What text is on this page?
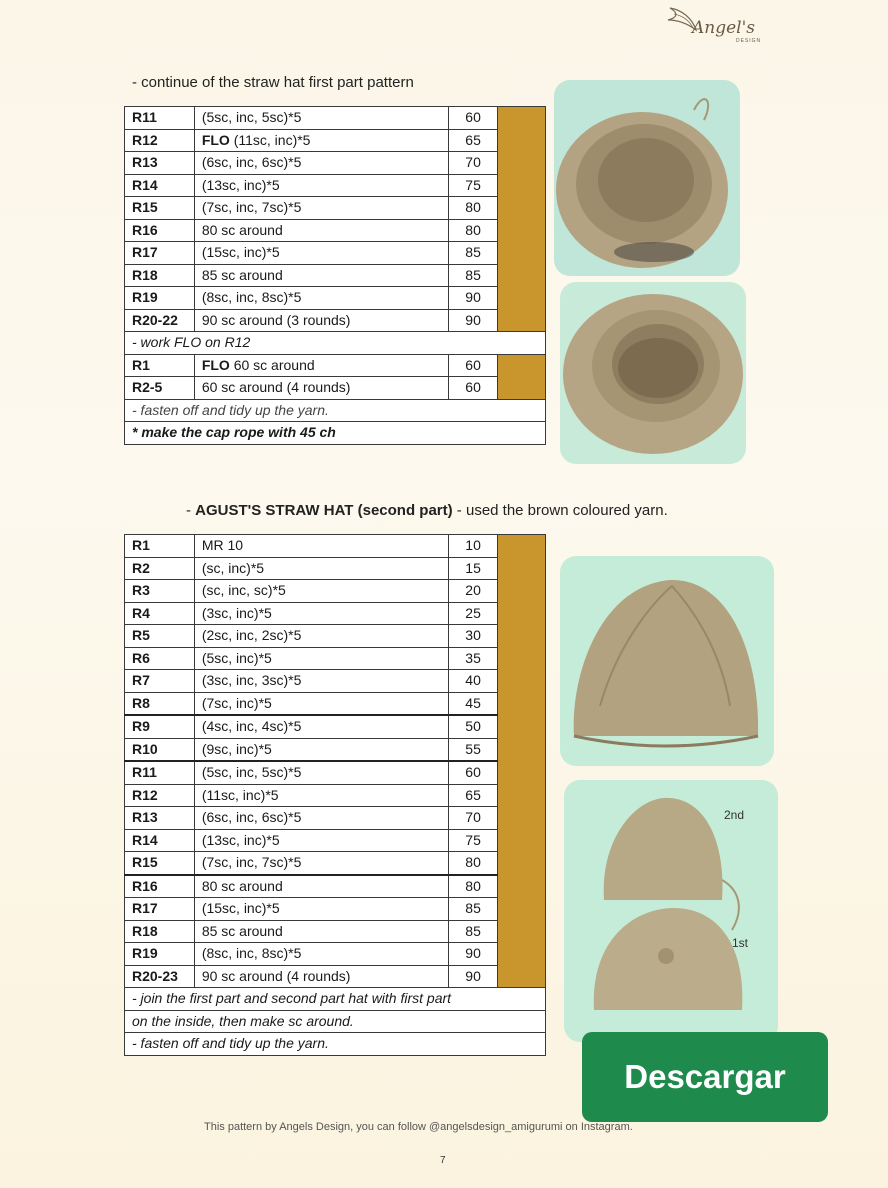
Angel's
DESIGN
- continue of the straw hat first part pattern
R11	(5sc, inc, 5sc)*5	60	
R12	FLO (11sc, inc)*5	65	
R13	(6sc, inc, 6sc)*5	70	
R14	(13sc, inc)*5	75	
R15	(7sc, inc, 7sc)*5	80	
R16	80 sc around	80	
R17	(15sc, inc)*5	85	
R18	85 sc around	85	
R19	(8sc, inc, 8sc)*5	90	
R20-22	90 sc around (3 rounds)	90	
- work FLO on R12			
R1	FLO 60 sc around	60	
R2-5	60 sc around (4 rounds)	60	
- fasten off and tidy up the yarn.			
* make the cap rope with 45 ch			
- AGUST'S STRAW HAT (second part) - used the brown coloured yarn.
R1	MR 10	10	
R2	(sc, inc)*5	15	
R3	(sc, inc, sc)*5	20	
R4	(3sc, inc)*5	25	
R5	(2sc, inc, 2sc)*5	30	
R6	(5sc, inc)*5	35	
R7	(3sc, inc, 3sc)*5	40	
R8	(7sc, inc)*5	45	
R9	(4sc, inc, 4sc)*5	50	
R10	(9sc, inc)*5	55	
R11	(5sc, inc, 5sc)*5	60	
R12	(11sc, inc)*5	65	
R13	(6sc, inc, 6sc)*5	70	
R14	(13sc, inc)*5	75	
R15	(7sc, inc, 7sc)*5	80	
R16	80 sc around	80	
R17	(15sc, inc)*5	85	
R18	85 sc around	85	
R19	(8sc, inc, 8sc)*5	90	
R20-23	90 sc around (4 rounds)	90	
- join the first part and second part hat with first part			
on the inside, then make sc around.			
- fasten off and tidy up the yarn.			
2nd
1st
Descargar
This pattern by Angels Design, you can follow @angelsdesign_amigurumi on Instagram.
7
